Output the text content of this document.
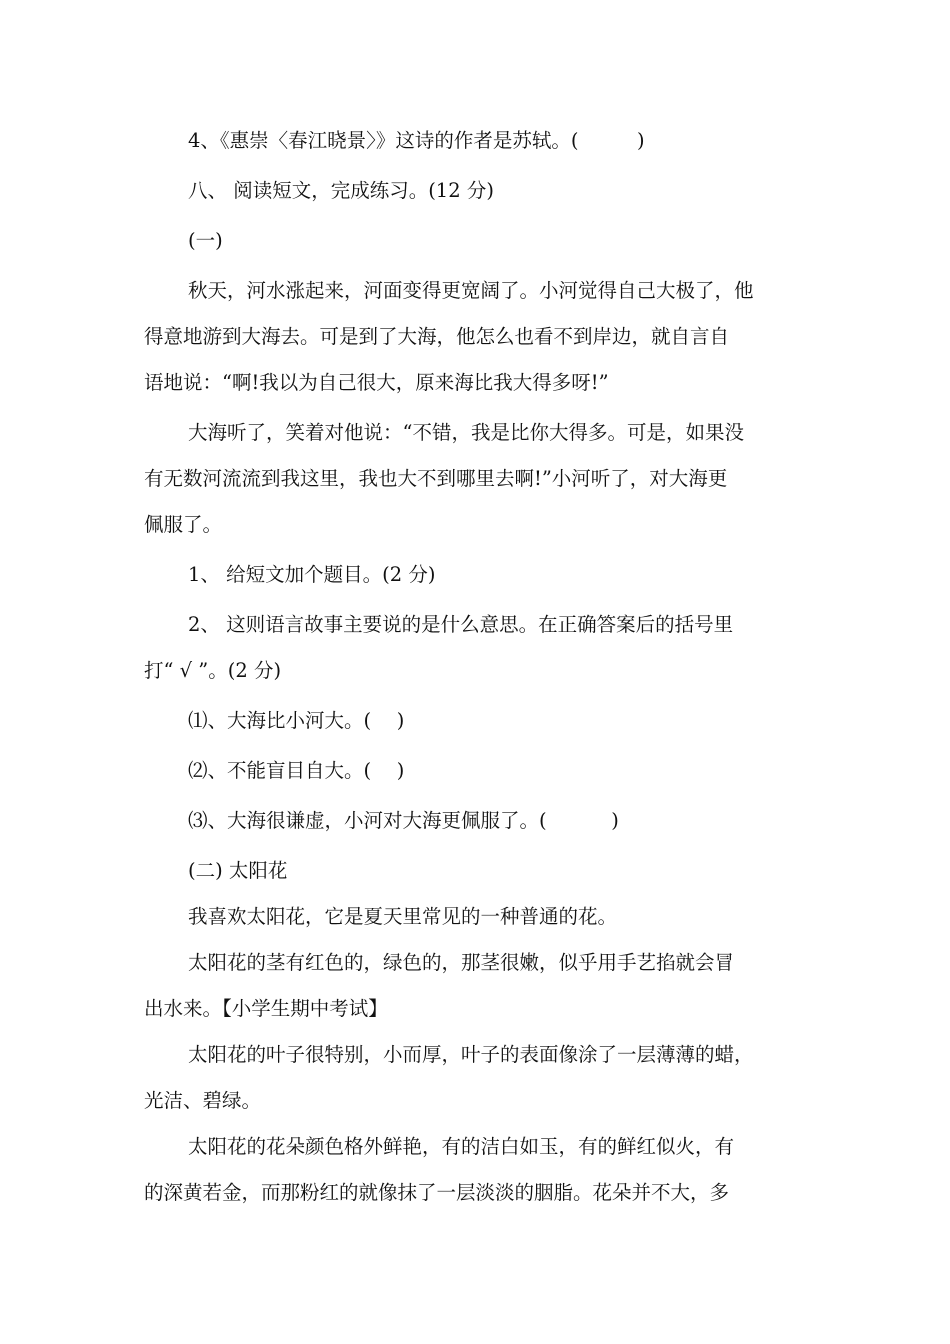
4、《惠崇〈春江晓景〉》这诗的作者是苏轼。(　　　)

八、 阅读短文，完成练习。(12 分)

(一)

秋天，河水涨起来，河面变得更宽阔了。小河觉得自己大极了，他
得意地游到大海去。可是到了大海，他怎么也看不到岸边，就自言自
语地说：“啊!我以为自己很大，原来海比我大得多呀!”
大海听了，笑着对他说：“不错，我是比你大得多。可是，如果没
有无数河流流到我这里，我也大不到哪里去啊!”小河听了，对大海更
佩服了。

1、 给短文加个题目。(2 分)

2、 这则语言故事主要说的是什么意思。在正确答案后的括号里
打“ √ ”。(2 分)

⑴、大海比小河大。(　 )

⑵、不能盲目自大。(　 )

⑶、大海很谦虚，小河对大海更佩服了。(　　　 )

(二) 太阳花

我喜欢太阳花，它是夏天里常见的一种普通的花。

太阳花的茎有红色的，绿色的，那茎很嫩，似乎用手艺掐就会冒
出水来。【小学生期中考试】
太阳花的叶子很特别，小而厚，叶子的表面像涂了一层薄薄的蜡，
光洁、碧绿。
太阳花的花朵颜色格外鲜艳，有的洁白如玉，有的鲜红似火，有
的深黄若金，而那粉红的就像抹了一层淡淡的胭脂。花朵并不大，多
